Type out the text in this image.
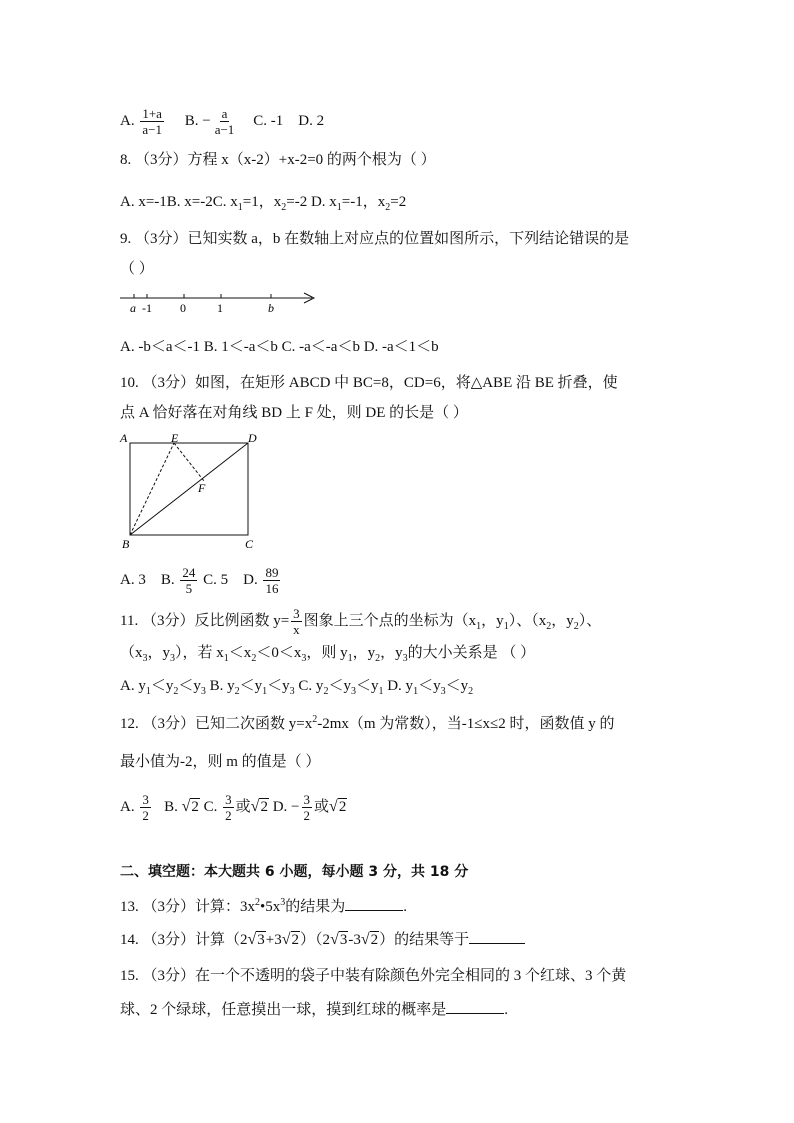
A. $\frac{1+a}{a-1} B$. − $\frac{a}{a-1} C$. -1 D. 2
8. （3分）方程 x（x-2）+x-2=0 的两个根为（ ）
A. x=-1B. x=-2C. $x_1=1$，$x_2=-2$ D. $x_1=-1$，$x_2=2$
9. （3分）已知实数 a，b 在数轴上对应点的位置如图所示，下列结论错误的是
（ ）
a -1 0	1	b
A. -b＜a＜-1 B. 1＜-a＜b C. -a＜-a＜b D. -a＜1＜b
10. （3分）如图，在矩形 ABCD 中 BC=8，CD=6，将△ABE 沿 BE 折叠，使
点 A 恰好落在对角线 BD 上 F 处，则 DE 的长是（ ）
A	E	D
F
B	C
A. 3 B. $\frac{24}{5} C$. 5 D. $\frac{89}{16}$
11. （3分）反比例函数 $y= \frac{3}{x}$ 图象上三个点的坐标为（$x_1$，$y_1$）、（$x_2$，$y_2$）、
（$x_3$，$y_3$），若 $x_1<x_2<0<x_3$，则 $y_1$，$y_2$，$y_3$的大小关系是 （ ）
A. $y_1<y_2<y_3$ B. $y_2<y_1<y_3$ C. $y_2<y_3<y_1$ D. $y_1<y_3<y_2$
12. （3分）已知二次函数 $y=x^2-2mx(m$ 为常数），当-1≤x≤2 时，函数值 y 的
最小值为-2，则 m 的值是（ ）
A. $\frac{3}{2} B$. √2 C. $\frac{3}{2}$ 或√2 D. − $\frac{3}{2}$ 或√2
二、填空题：本大题共 6 小题，每小题 3 分，共 18 分
13. （3分）计算：$3x^2•5x^3$的结果为	.
14. （3分）计算（2√3+3√2）（2√3-3√2）的结果等于
15. （3分）在一个不透明的袋子中装有除颜色外完全相同的 3 个红球、3 个黄
球、2 个绿球，任意摸出一球，摸到红球的概率是	.
